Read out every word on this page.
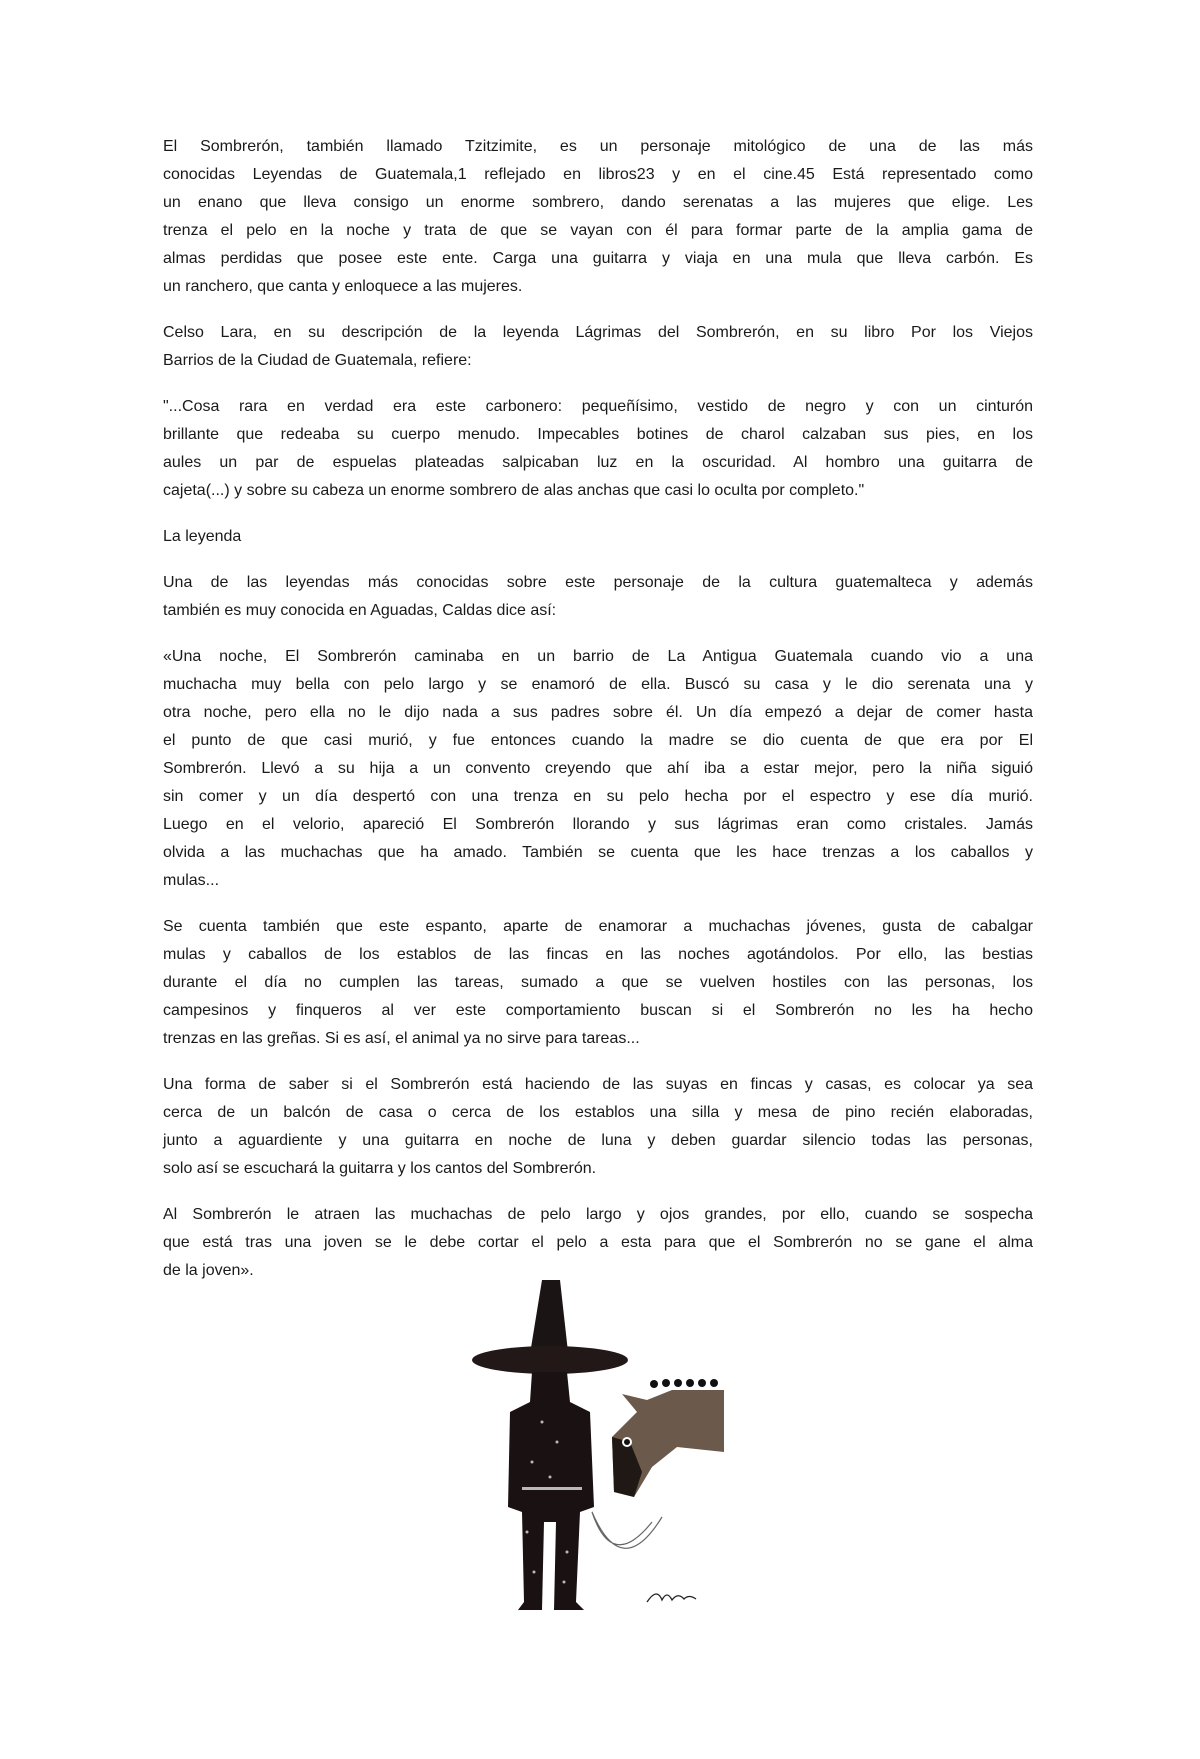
El Sombrerón, también llamado Tzitzimite, es un personaje mitológico de una de las más
conocidas Leyendas de Guatemala,1 reflejado en libros23 y en el cine.45 Está representado como
un enano que lleva consigo un enorme sombrero, dando serenatas a las mujeres que elige. Les
trenza el pelo en la noche y trata de que se vayan con él para formar parte de la amplia gama de
almas perdidas que posee este ente. Carga una guitarra y viaja en una mula que lleva carbón. Es
un ranchero, que canta y enloquece a las mujeres.

Celso Lara, en su descripción de la leyenda Lágrimas del Sombrerón, en su libro Por los Viejos
Barrios de la Ciudad de Guatemala, refiere:

"...Cosa rara en verdad era este carbonero: pequeñísimo, vestido de negro y con un cinturón
brillante que redeaba su cuerpo menudo. Impecables botines de charol calzaban sus pies, en los
aules un par de espuelas plateadas salpicaban luz en la oscuridad. Al hombro una guitarra de
cajeta(...) y sobre su cabeza un enorme sombrero de alas anchas que casi lo oculta por completo."

La leyenda

Una de las leyendas más conocidas sobre este personaje de la cultura guatemalteca y además
también es muy conocida en Aguadas, Caldas dice así:

«Una noche, El Sombrerón caminaba en un barrio de La Antigua Guatemala cuando vio a una
muchacha muy bella con pelo largo y se enamoró de ella. Buscó su casa y le dio serenata una y
otra noche, pero ella no le dijo nada a sus padres sobre él. Un día empezó a dejar de comer hasta
el punto de que casi murió, y fue entonces cuando la madre se dio cuenta de que era por El
Sombrerón. Llevó a su hija a un convento creyendo que ahí iba a estar mejor, pero la niña siguió
sin comer y un día despertó con una trenza en su pelo hecha por el espectro y ese día murió.
Luego en el velorio, apareció El Sombrerón llorando y sus lágrimas eran como cristales. Jamás
olvida a las muchachas que ha amado. También se cuenta que les hace trenzas a los caballos y
mulas...

Se cuenta también que este espanto, aparte de enamorar a muchachas jóvenes, gusta de cabalgar
mulas y caballos de los establos de las fincas en las noches agotándolos. Por ello, las bestias
durante el día no cumplen las tareas, sumado a que se vuelven hostiles con las personas, los
campesinos y finqueros al ver este comportamiento buscan si el Sombrerón no les ha hecho
trenzas en las greñas. Si es así, el animal ya no sirve para tareas...

Una forma de saber si el Sombrerón está haciendo de las suyas en fincas y casas, es colocar ya sea
cerca de un balcón de casa o cerca de los establos una silla y mesa de pino recién elaboradas,
junto a aguardiente y una guitarra en noche de luna y deben guardar silencio todas las personas,
solo así se escuchará la guitarra y los cantos del Sombrerón.

Al Sombrerón le atraen las muchachas de pelo largo y ojos grandes, por ello, cuando se sospecha
que está tras una joven se le debe cortar el pelo a esta para que el Sombrerón no se gane el alma
de la joven».
